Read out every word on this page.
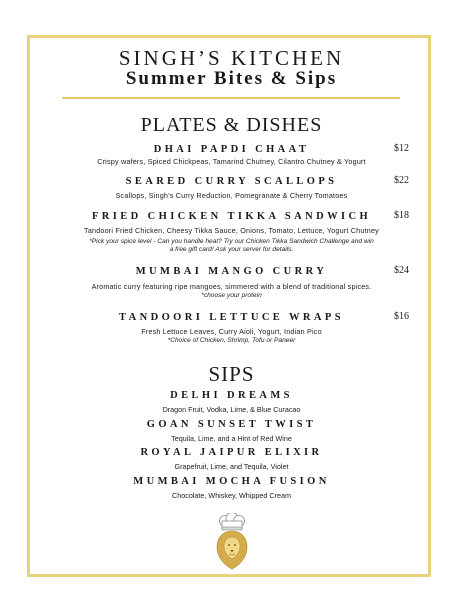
SINGH’S KITCHEN
Summer Bites & Sips
PLATES & DISHES
DHAI PAPDI CHAAT	$12
Crispy wafers, Spiced Chickpeas, Tamarind Chutney, Cilantro Chutney & Yogurt
SEARED CURRY SCALLOPS	$22
Scallops, Singh’s Curry Reduction, Pomegranate & Cherry Tomatoes
FRIED CHICKEN TIKKA SANDWICH	$18
Tandoori Fried Chicken, Cheesy Tikka Sauce, Onions, Tomato, Lettuce, Yogurt Chutney
*Pick your spice level - Can you handle heat? Try our Chicken Tikka Sandwich Challenge and win
a free gift card! Ask your server for details.
MUMBAI MANGO CURRY	$24
Aromatic curry featuring ripe mangoes, simmered with a blend of traditional spices.
*choose your protein
TANDOORI LETTUCE WRAPS	$16
Fresh Lettuce Leaves, Curry Aioli, Yogurt, Indian Pico
*Choice of Chicken, Shrimp, Tofu or Paneer
SIPS
DELHI DREAMS
Dragon Fruit, Vodka, Lime, & Blue Curacao
GOAN SUNSET TWIST
Tequila, Lime, and a Hint of Red Wine
ROYAL JAIPUR ELIXIR
Grapefruit, Lime, and Tequila, Violet
MUMBAI MOCHA FUSION
Chocolate, Whiskey, Whipped Cream
